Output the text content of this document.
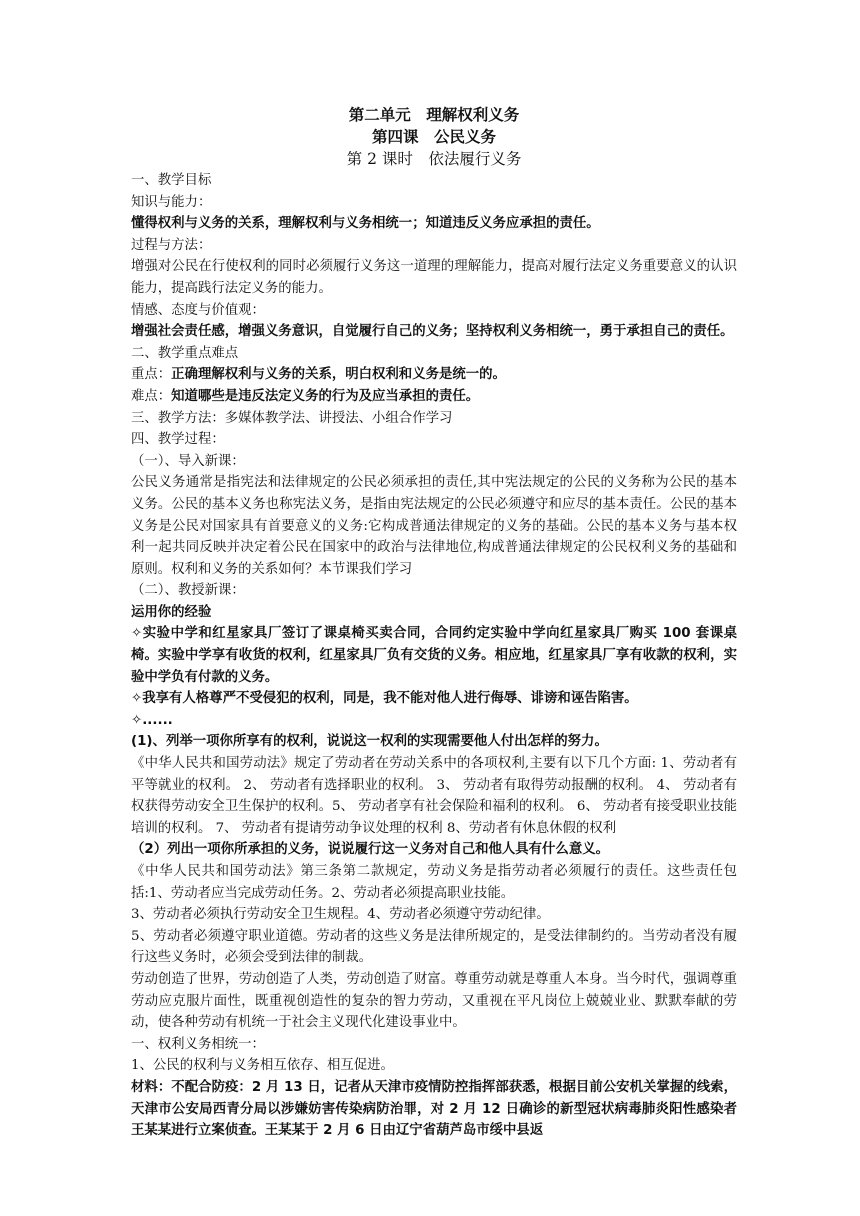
第二单元　理解权利义务
第四课　公民义务
第 2 课时　依法履行义务

一、教学目标

知识与能力：

懂得权利与义务的关系，理解权利与义务相统一；知道违反义务应承担的责任。

过程与方法：

增强对公民在行使权利的同时必须履行义务这一道理的理解能力，提高对履行法定义务重要意义的认识能力，提高践行法定义务的能力。

情感、态度与价值观：

增强社会责任感，增强义务意识，自觉履行自己的义务；坚持权利义务相统一，勇于承担自己的责任。

二、教学重点难点

重点：正确理解权利与义务的关系，明白权利和义务是统一的。

难点：知道哪些是违反法定义务的行为及应当承担的责任。

三、教学方法：多媒体教学法、讲授法、小组合作学习

四、教学过程：

（一）、导入新课：

公民义务通常是指宪法和法律规定的公民必须承担的责任,其中宪法规定的公民的义务称为公民的基本义务。公民的基本义务也称宪法义务，是指由宪法规定的公民必须遵守和应尽的基本责任。公民的基本义务是公民对国家具有首要意义的义务:它构成普通法律规定的义务的基础。公民的基本义务与基本权利一起共同反映并决定着公民在国家中的政治与法律地位,构成普通法律规定的公民权利义务的基础和原则。权利和义务的关系如何？本节课我们学习

（二）、教授新课：

运用你的经验

✧实验中学和红星家具厂签订了课桌椅买卖合同，合同约定实验中学向红星家具厂购买 100 套课桌椅。实验中学享有收货的权利，红星家具厂负有交货的义务。相应地，红星家具厂享有收款的权利，实验中学负有付款的义务。

✧我享有人格尊严不受侵犯的权利，同是，我不能对他人进行侮辱、诽谤和诬告陷害。

✧......

(1)、列举一项你所享有的权利，说说这一权利的实现需要他人付出怎样的努力。

《中华人民共和国劳动法》规定了劳动者在劳动关系中的各项权利,主要有以下几个方面: 1、劳动者有平等就业的权利。 2、 劳动者有选择职业的权利。 3、 劳动者有取得劳动报酬的权利。 4、 劳动者有权获得劳动安全卫生保护的权利。5、 劳动者享有社会保险和福利的权利。 6、 劳动者有接受职业技能培训的权利。 7、 劳动者有提请劳动争议处理的权利 8、劳动者有休息休假的权利

（2）列出一项你所承担的义务，说说履行这一义务对自己和他人具有什么意义。

《中华人民共和国劳动法》第三条第二款规定，劳动义务是指劳动者必须履行的责任。这些责任包括:1、劳动者应当完成劳动任务。2、劳动者必须提高职业技能。

3、劳动者必须执行劳动安全卫生规程。4、劳动者必须遵守劳动纪律。

5、劳动者必须遵守职业道德。劳动者的这些义务是法律所规定的，是受法律制约的。当劳动者没有履行这些义务时，必须会受到法律的制裁。

劳动创造了世界，劳动创造了人类，劳动创造了财富。尊重劳动就是尊重人本身。当今时代，强调尊重劳动应克服片面性，既重视创造性的复杂的智力劳动，又重视在平凡岗位上兢兢业业、默默奉献的劳动，使各种劳动有机统一于社会主义现代化建设事业中。

一、权利义务相统一：

1、公民的权利与义务相互依存、相互促进。

材料：不配合防疫：2 月 13 日，记者从天津市疫情防控指挥部获悉，根据目前公安机关掌握的线索，天津市公安局西青分局以涉嫌妨害传染病防治罪，对 2 月 12 日确诊的新型冠状病毒肺炎阳性感染者王某某进行立案侦查。王某某于 2 月 6 日由辽宁省葫芦岛市绥中县返
